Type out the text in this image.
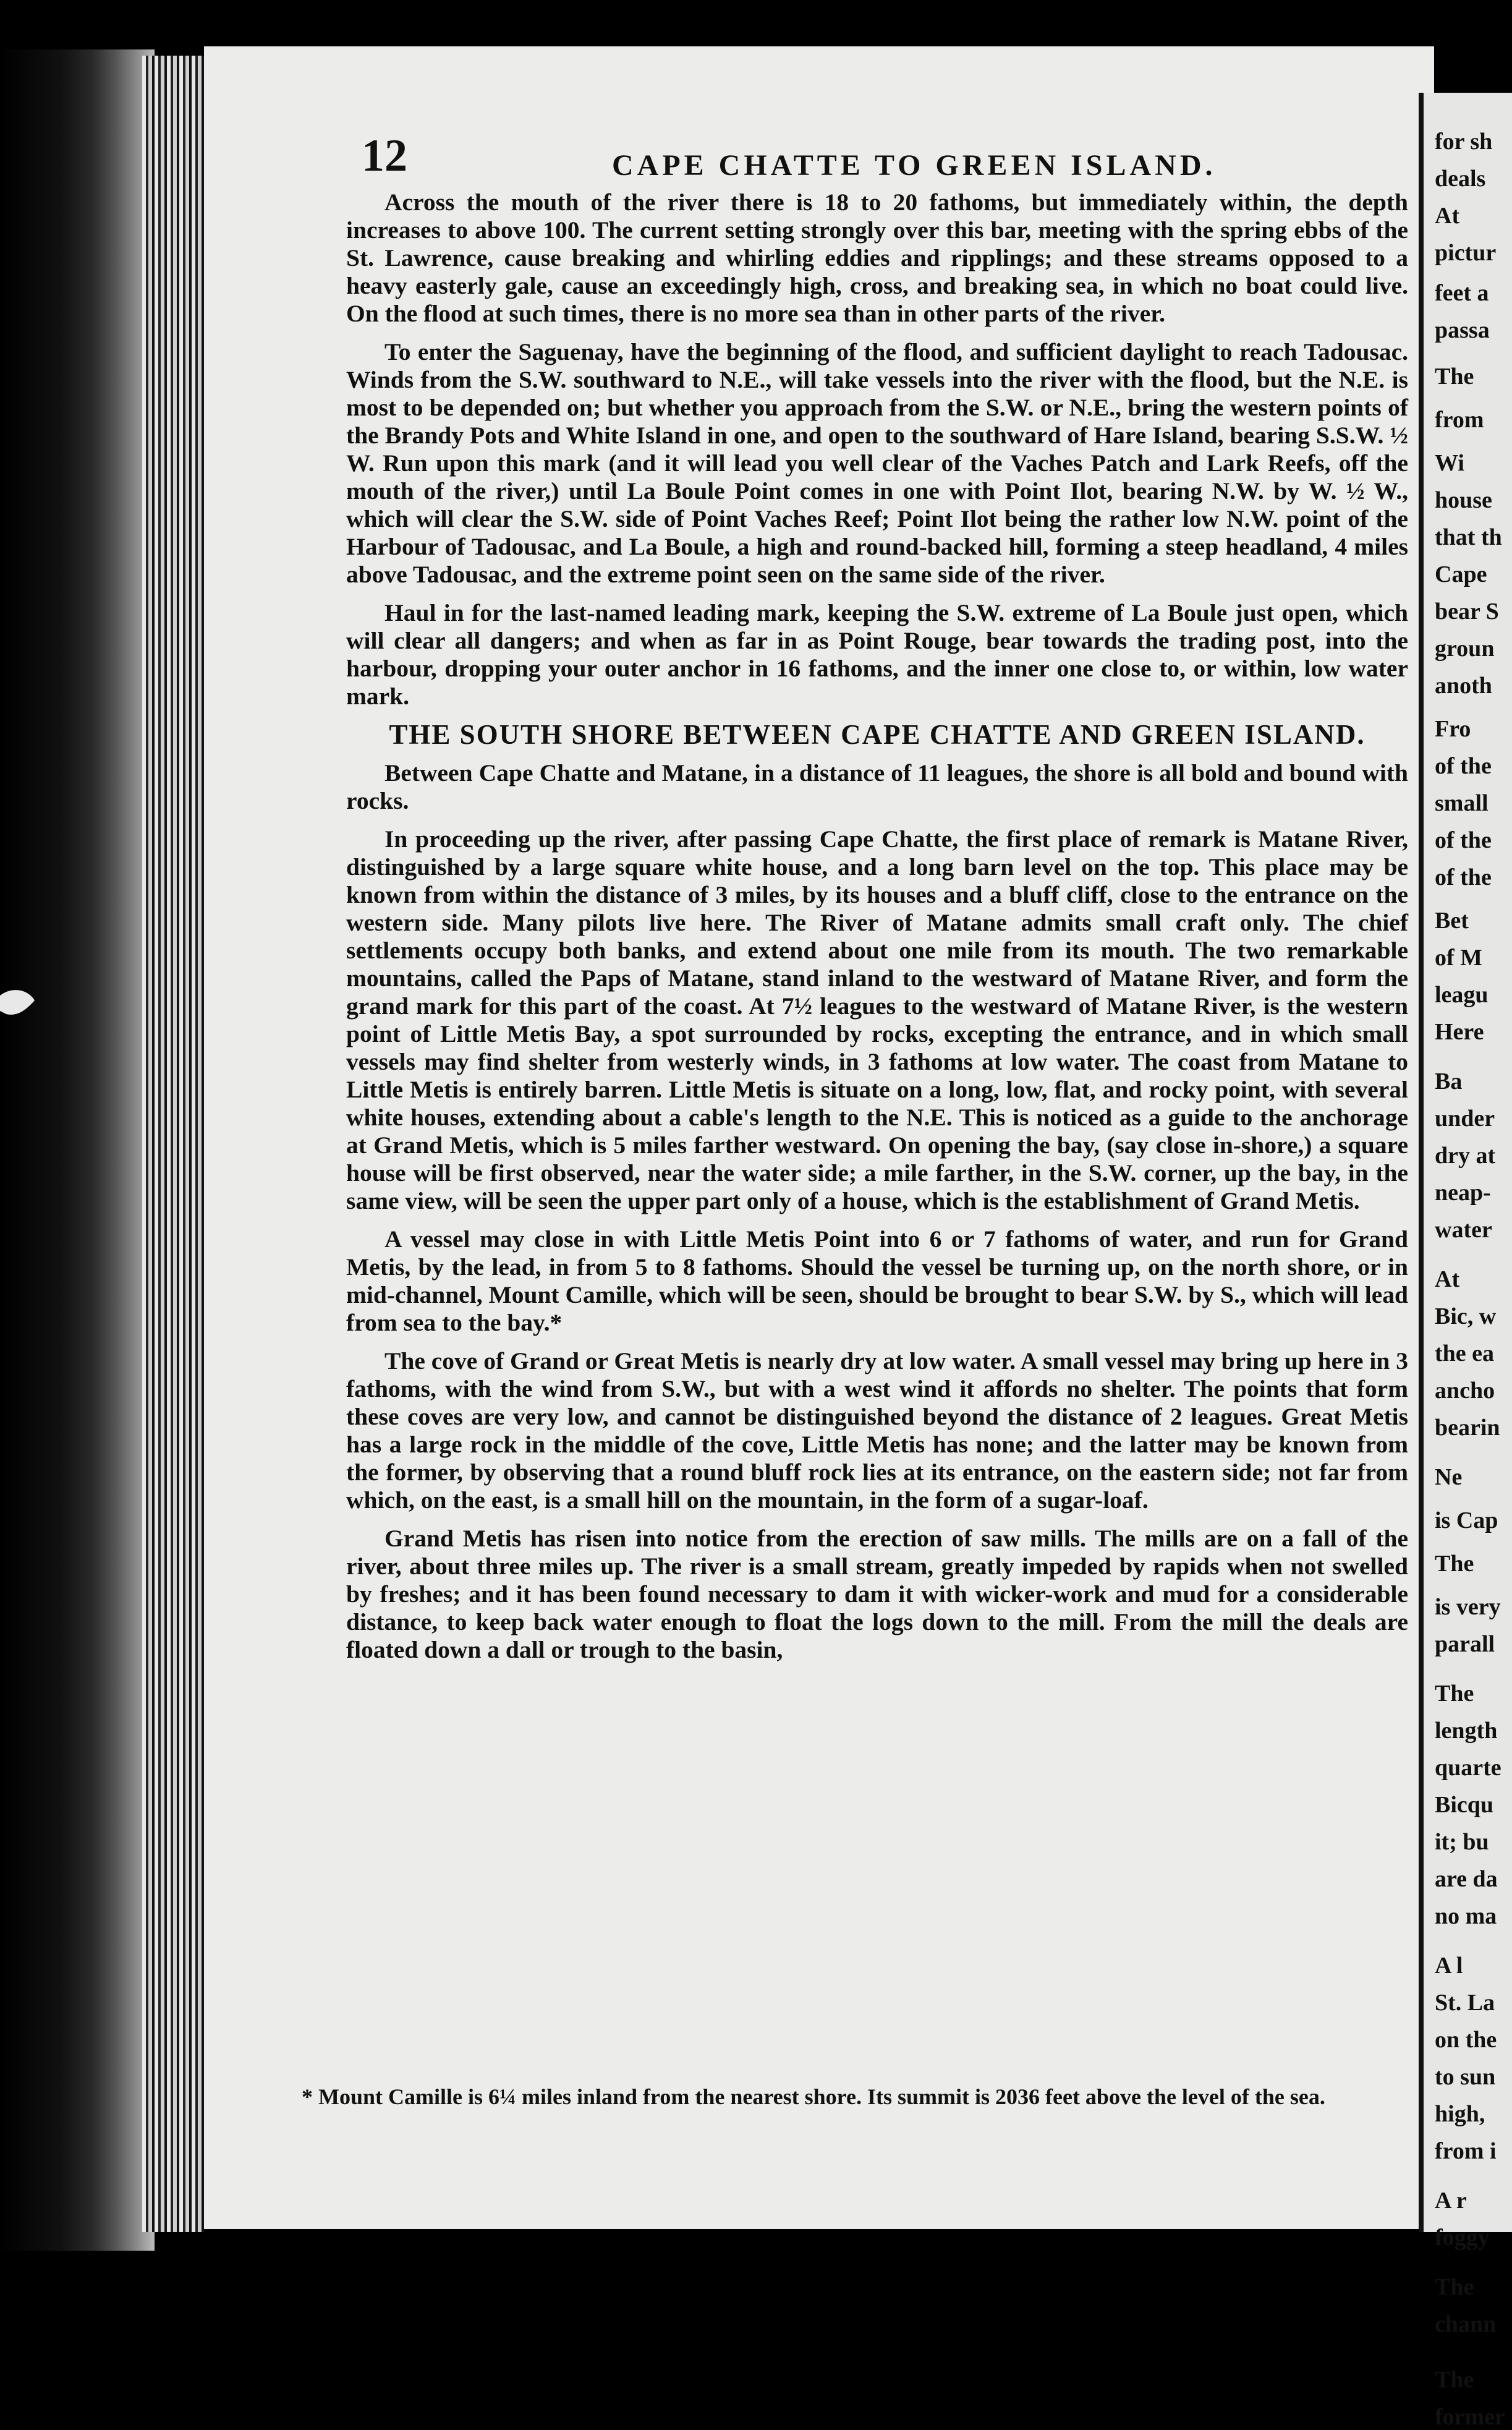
12	CAPE CHATTE TO GREEN ISLAND.
for sh
deals
At
pictur
feet a
passa
The
from
Wi
house
that th
Cape
bear S
groun
anoth
Fro
of the
small
of the
of the
Bet
of M
leagu
Here
Ba
under
dry at
neap-
water
At
Bic, w
the ea
ancho
bearin
Ne
is Cap
The
is very
parall
The
length
quarte
Bicqu
it; bu
are da
no ma
A l
St. La
on the
to sun
high,
from i
A r
foggy
The
chann
The
former

Across the mouth of the river there is 18 to 20 fathoms, but immediately within, the depth increases to above 100. The current setting strongly over this bar, meeting with the spring ebbs of the St. Lawrence, cause breaking and whirling eddies and ripplings; and these streams opposed to a heavy easterly gale, cause an exceedingly high, cross, and breaking sea, in which no boat could live. On the flood at such times, there is no more sea than in other parts of the river.

To enter the Saguenay, have the beginning of the flood, and sufficient daylight to reach Tadousac. Winds from the S.W. southward to N.E., will take vessels into the river with the flood, but the N.E. is most to be depended on; but whether you approach from the S.W. or N.E., bring the western points of the Brandy Pots and White Island in one, and open to the southward of Hare Island, bearing S.S.W. ½ W. Run upon this mark (and it will lead you well clear of the Vaches Patch and Lark Reefs, off the mouth of the river,) until La Boule Point comes in one with Point Ilot, bearing N.W. by W. ½ W., which will clear the S.W. side of Point Vaches Reef; Point Ilot being the rather low N.W. point of the Harbour of Tadousac, and La Boule, a high and round-backed hill, forming a steep headland, 4 miles above Tadousac, and the extreme point seen on the same side of the river.

Haul in for the last-named leading mark, keeping the S.W. extreme of La Boule just open, which will clear all dangers; and when as far in as Point Rouge, bear towards the trading post, into the harbour, dropping your outer anchor in 16 fathoms, and the inner one close to, or within, low water mark.

THE SOUTH SHORE BETWEEN CAPE CHATTE AND GREEN ISLAND.

Between Cape Chatte and Matane, in a distance of 11 leagues, the shore is all bold and bound with rocks.

In proceeding up the river, after passing Cape Chatte, the first place of remark is Matane River, distinguished by a large square white house, and a long barn level on the top. This place may be known from within the distance of 3 miles, by its houses and a bluff cliff, close to the entrance on the western side. Many pilots live here. The River of Matane admits small craft only. The chief settlements occupy both banks, and extend about one mile from its mouth. The two remarkable mountains, called the Paps of Matane, stand inland to the westward of Matane River, and form the grand mark for this part of the coast. At 7½ leagues to the westward of Matane River, is the western point of Little Metis Bay, a spot surrounded by rocks, excepting the entrance, and in which small vessels may find shelter from westerly winds, in 3 fathoms at low water. The coast from Matane to Little Metis is entirely barren. Little Metis is situate on a long, low, flat, and rocky point, with several white houses, extending about a cable's length to the N.E. This is noticed as a guide to the anchorage at Grand Metis, which is 5 miles farther westward. On opening the bay, (say close in-shore,) a square house will be first observed, near the water side; a mile farther, in the S.W. corner, up the bay, in the same view, will be seen the upper part only of a house, which is the establishment of Grand Metis.

A vessel may close in with Little Metis Point into 6 or 7 fathoms of water, and run for Grand Metis, by the lead, in from 5 to 8 fathoms. Should the vessel be turning up, on the north shore, or in mid-channel, Mount Camille, which will be seen, should be brought to bear S.W. by S., which will lead from sea to the bay.*

The cove of Grand or Great Metis is nearly dry at low water. A small vessel may bring up here in 3 fathoms, with the wind from S.W., but with a west wind it affords no shelter. The points that form these coves are very low, and cannot be distinguished beyond the distance of 2 leagues. Great Metis has a large rock in the middle of the cove, Little Metis has none; and the latter may be known from the former, by observing that a round bluff rock lies at its entrance, on the eastern side; not far from which, on the east, is a small hill on the mountain, in the form of a sugar-loaf.

Grand Metis has risen into notice from the erection of saw mills. The mills are on a fall of the river, about three miles up. The river is a small stream, greatly impeded by rapids when not swelled by freshes; and it has been found necessary to dam it with wicker-work and mud for a considerable distance, to keep back water enough to float the logs down to the mill. From the mill the deals are floated down a dall or trough to the basin,

* Mount Camille is 6¼ miles inland from the nearest shore. Its summit is 2036 feet above the level of the sea.
